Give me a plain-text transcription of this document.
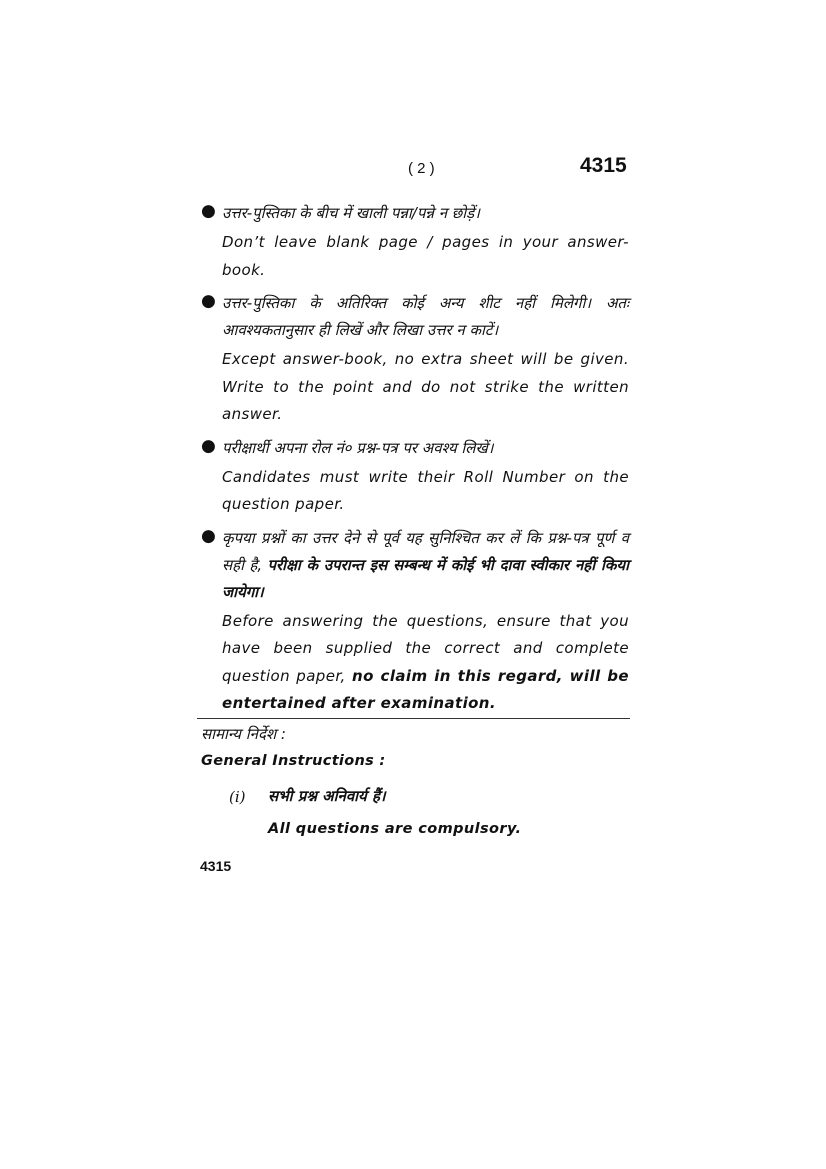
( 2 )	4315
● उत्तर-पुस्तिका के बीच में खाली पन्ना/पन्ने न छोड़ें।

Don’t leave blank page / pages in your answer-book.

● उत्तर-पुस्तिका के अतिरिक्त कोई अन्य शीट नहीं मिलेगी। अतः आवश्यकतानुसार ही लिखें और लिखा उत्तर न काटें।

Except answer-book, no extra sheet will be given. Write to the point and do not strike the written answer.

● परीक्षार्थी अपना रोल नं० प्रश्न-पत्र पर अवश्य लिखें।

Candidates must write their Roll Number on the question paper.

● कृपया प्रश्नों का उत्तर देने से पूर्व यह सुनिश्चित कर लें कि प्रश्न-पत्र पूर्ण व सही है, परीक्षा के उपरान्त इस सम्बन्ध में कोई भी दावा स्वीकार नहीं किया जायेगा।

Before answering the questions, ensure that you have been supplied the correct and complete question paper, no claim in this regard, will be entertained after examination.

सामान्य निर्देश :
General Instructions :
(i) सभी प्रश्न अनिवार्य हैं।
All questions are compulsory.
4315
